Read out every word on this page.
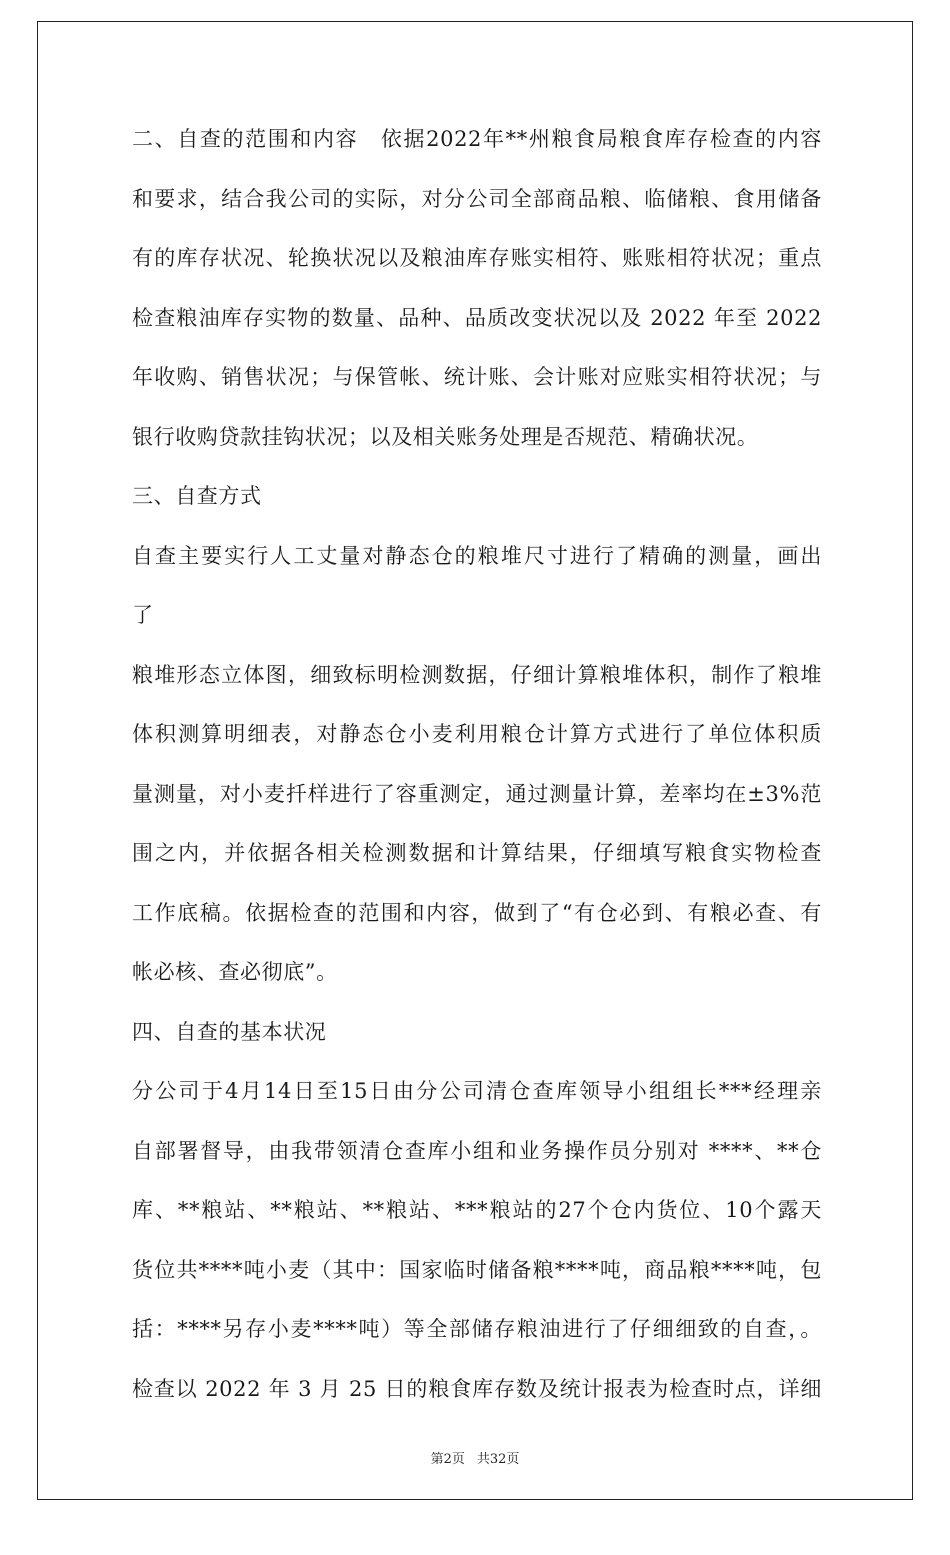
二、自查的范围和内容　依据2022年**州粮食局粮食库存检查的内容
和要求，结合我公司的实际，对分公司全部商品粮、临储粮、食用储备
有的库存状况、轮换状况以及粮油库存账实相符、账账相符状况；重点
检查粮油库存实物的数量、品种、品质改变状况以及 2022 年至 2022
年收购、销售状况；与保管帐、统计账、会计账对应账实相符状况；与
银行收购贷款挂钩状况；以及相关账务处理是否规范、精确状况。
三、自查方式
自查主要实行人工丈量对静态仓的粮堆尺寸进行了精确的测量，画出
了
粮堆形态立体图，细致标明检测数据，仔细计算粮堆体积，制作了粮堆
体积测算明细表，对静态仓小麦利用粮仓计算方式进行了单位体积质
量测量，对小麦扦样进行了容重测定，通过测量计算，差率均在±3%范
围之内，并依据各相关检测数据和计算结果，仔细填写粮食实物检查
工作底稿。依据检查的范围和内容，做到了“有仓必到、有粮必查、有
帐必核、查必彻底”。
四、自查的基本状况
分公司于4月14日至15日由分公司清仓查库领导小组组长***经理亲
自部署督导，由我带领清仓查库小组和业务操作员分别对 ****、**仓
库、**粮站、**粮站、**粮站、***粮站的27个仓内货位、10个露天
货位共****吨小麦（其中：国家临时储备粮****吨，商品粮****吨，包
括：****另存小麦****吨）等全部储存粮油进行了仔细细致的自查，。
检查以 2022 年 3 月 25 日的粮食库存数及统计报表为检查时点，详细
第2页 共32页
